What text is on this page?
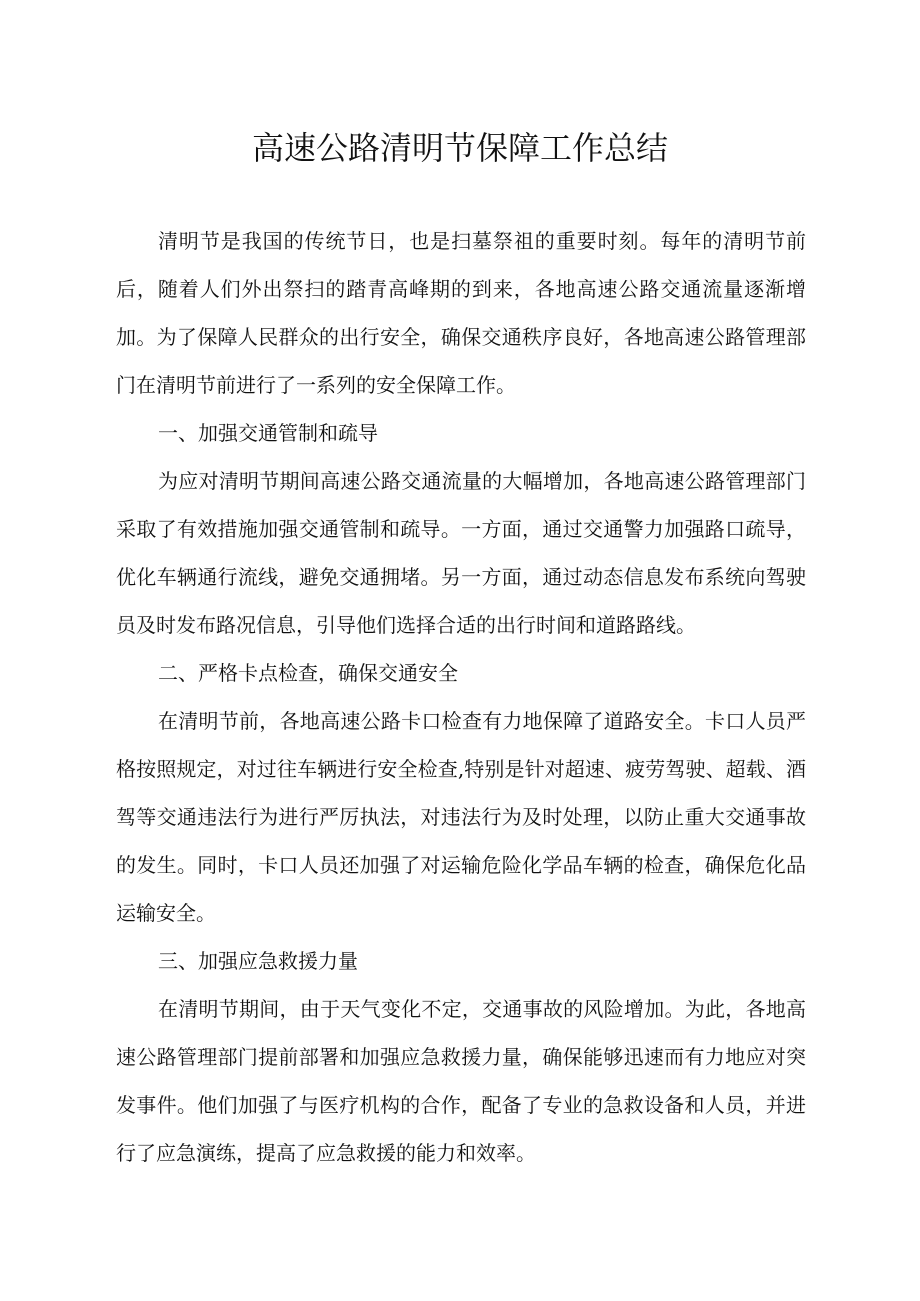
高速公路清明节保障工作总结

清明节是我国的传统节日，也是扫墓祭祖的重要时刻。每年的清明节前后，随着人们外出祭扫的踏青高峰期的到来，各地高速公路交通流量逐渐增加。为了保障人民群众的出行安全，确保交通秩序良好，各地高速公路管理部门在清明节前进行了一系列的安全保障工作。

一、加强交通管制和疏导

为应对清明节期间高速公路交通流量的大幅增加，各地高速公路管理部门采取了有效措施加强交通管制和疏导。一方面，通过交通警力加强路口疏导，优化车辆通行流线，避免交通拥堵。另一方面，通过动态信息发布系统向驾驶员及时发布路况信息，引导他们选择合适的出行时间和道路路线。

二、严格卡点检查，确保交通安全

在清明节前，各地高速公路卡口检查有力地保障了道路安全。卡口人员严格按照规定，对过往车辆进行安全检查,特别是针对超速、疲劳驾驶、超载、酒驾等交通违法行为进行严厉执法，对违法行为及时处理，以防止重大交通事故的发生。同时，卡口人员还加强了对运输危险化学品车辆的检查，确保危化品运输安全。

三、加强应急救援力量

在清明节期间，由于天气变化不定，交通事故的风险增加。为此，各地高速公路管理部门提前部署和加强应急救援力量，确保能够迅速而有力地应对突发事件。他们加强了与医疗机构的合作，配备了专业的急救设备和人员，并进行了应急演练，提高了应急救援的能力和效率。
